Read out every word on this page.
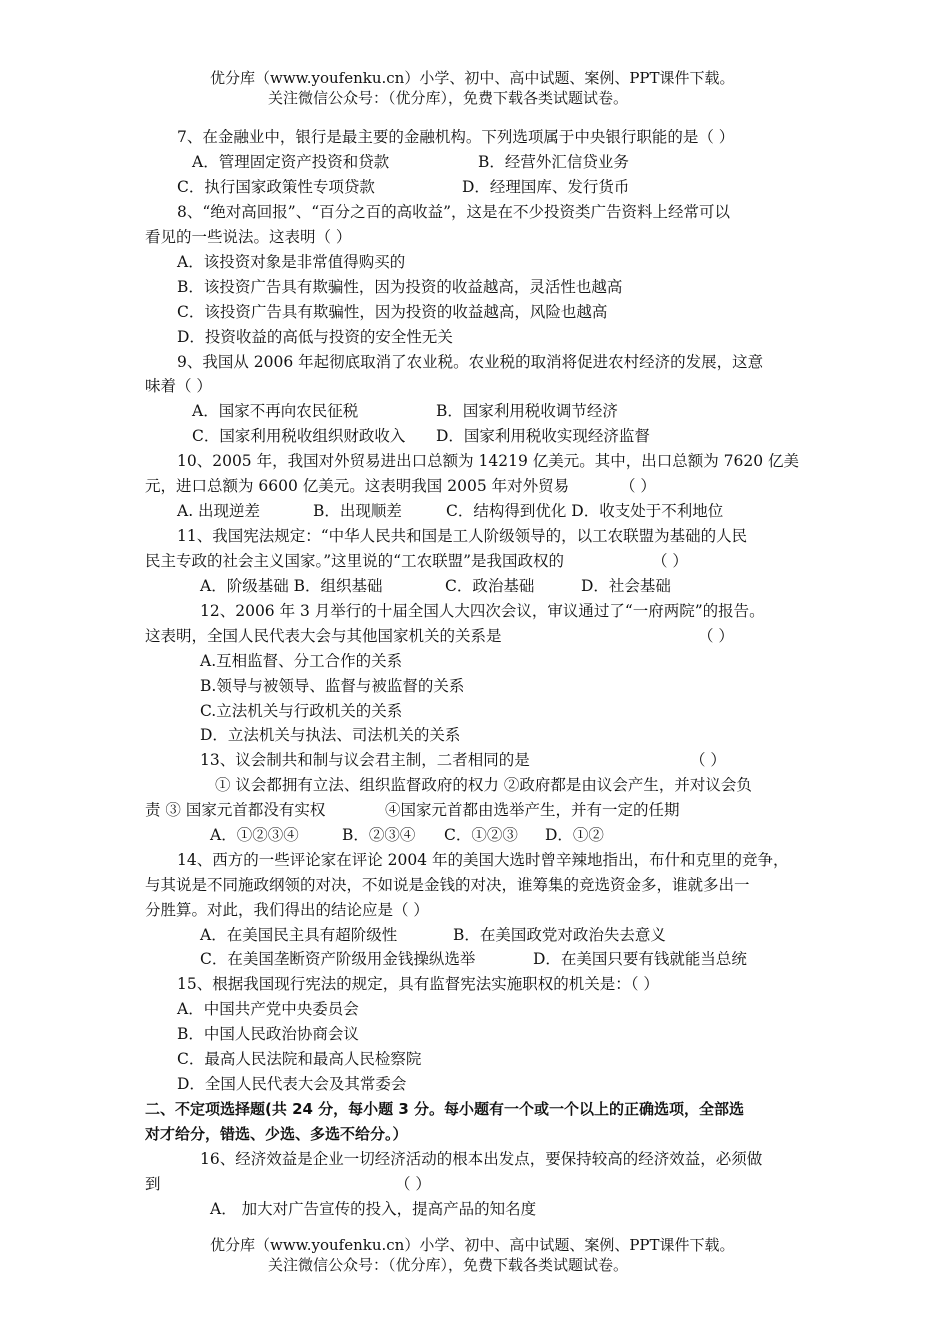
优分库（www.youfenku.cn）小学、初中、高中试题、案例、PPT课件下载。
关注微信公众号：（优分库），免费下载各类试题试卷。
7、在金融业中，银行是最主要的金融机构。下列选项属于中央银行职能的是（ ）
A．管理固定资产投资和贷款	B．经营外汇信贷业务
C．执行国家政策性专项贷款	D．经理国库、发行货币
8、“绝对高回报”、“百分之百的高收益”，这是在不少投资类广告资料上经常可以
看见的一些说法。这表明（ ）
A．该投资对象是非常值得购买的
B．该投资广告具有欺骗性，因为投资的收益越高，灵活性也越高
C．该投资广告具有欺骗性，因为投资的收益越高，风险也越高
D．投资收益的高低与投资的安全性无关
9、我国从 2006 年起彻底取消了农业税。农业税的取消将促进农村经济的发展，这意
味着（ ）
A．国家不再向农民征税	B．国家利用税收调节经济
C．国家利用税收组织财政收入 D．国家利用税收实现经济监督
10、2005 年，我国对外贸易进出口总额为 14219 亿美元。其中，出口总额为 7620 亿美
元，进口总额为 6600 亿美元。这表明我国 2005 年对外贸易	（ ）
A. 出现逆差	B．出现顺差	C．结构得到优化 D．收支处于不利地位
11、我国宪法规定：“中华人民共和国是工人阶级领导的，以工农联盟为基础的人民
民主专政的社会主义国家。”这里说的“工农联盟”是我国政权的	（ ）
A．阶级基础 B．组织基础	C．政治基础	D．社会基础
12、2006 年 3 月举行的十届全国人大四次会议，审议通过了“一府两院”的报告。
这表明，全国人民代表大会与其他国家机关的关系是	（ ）
A.互相监督、分工合作的关系
B.领导与被领导、监督与被监督的关系
C.立法机关与行政机关的关系
D．立法机关与执法、司法机关的关系
13、议会制共和制与议会君主制，二者相同的是	（ ）
① 议会都拥有立法、组织监督政府的权力 ②政府都是由议会产生，并对议会负
责 ③ 国家元首都没有实权	④国家元首都由选举产生，并有一定的任期
A．①②③④	B．②③④ C．①②③ D．①②
14、西方的一些评论家在评论 2004 年的美国大选时曾辛辣地指出，布什和克里的竞争，
与其说是不同施政纲领的对决，不如说是金钱的对决，谁筹集的竞选资金多，谁就多出一
分胜算。对此，我们得出的结论应是（ ）
A．在美国民主具有超阶级性	B．在美国政党对政治失去意义
C．在美国垄断资产阶级用金钱操纵选举	D．在美国只要有钱就能当总统
15、根据我国现行宪法的规定，具有监督宪法实施职权的机关是：（ ）
A．中国共产党中央委员会
B．中国人民政治协商会议
C．最高人民法院和最高人民检察院
D．全国人民代表大会及其常委会
二、不定项选择题(共 24 分，每小题 3 分。每小题有一个或一个以上的正确选项，全部选
对才给分，错选、少选、多选不给分。）
16、经济效益是企业一切经济活动的根本出发点，要保持较高的经济效益，必须做
到	（ ）
A． 加大对广告宣传的投入，提高产品的知名度
优分库（www.youfenku.cn）小学、初中、高中试题、案例、PPT课件下载。
关注微信公众号：（优分库），免费下载各类试题试卷。
